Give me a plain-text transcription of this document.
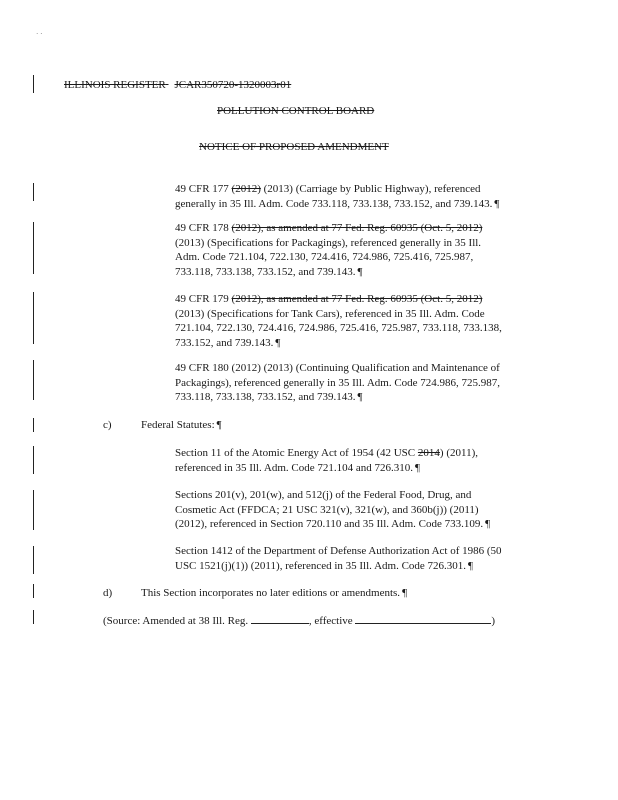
· ·
ILLINOIS REGISTER JCAR350720-1320003r01
POLLUTION CONTROL BOARD
NOTICE OF PROPOSED AMENDMENT
49 CFR 177 (2012) (2013) (Carriage by Public Highway), referenced
generally in 35 Ill. Adm. Code 733.118, 733.138, 733.152, and 739.143. ¶
49 CFR 178 (2012), as amended at 77 Fed. Reg. 60935 (Oct. 5, 2012)
(2013) (Specifications for Packagings), referenced generally in 35 Ill.
Adm. Code 721.104, 722.130, 724.416, 724.986, 725.416, 725.987,
733.118, 733.138, 733.152, and 739.143. ¶
49 CFR 179 (2012), as amended at 77 Fed. Reg. 60935 (Oct. 5, 2012)
(2013) (Specifications for Tank Cars), referenced in 35 Ill. Adm. Code
721.104, 722.130, 724.416, 724.986, 725.416, 725.987, 733.118, 733.138,
733.152, and 739.143. ¶
49 CFR 180 (2012) (2013) (Continuing Qualification and Maintenance of
Packagings), referenced generally in 35 Ill. Adm. Code 724.986, 725.987,
733.118, 733.138, 733.152, and 739.143. ¶
c)	Federal Statutes: ¶
Section 11 of the Atomic Energy Act of 1954 (42 USC 2014) (2011),
referenced in 35 Ill. Adm. Code 721.104 and 726.310. ¶
Sections 201(v), 201(w), and 512(j) of the Federal Food, Drug, and
Cosmetic Act (FFDCA; 21 USC 321(v), 321(w), and 360b(j)) (2011)
(2012), referenced in Section 720.110 and 35 Ill. Adm. Code 733.109. ¶
Section 1412 of the Department of Defense Authorization Act of 1986 (50
USC 1521(j)(1)) (2011), referenced in 35 Ill. Adm. Code 726.301. ¶
d)	This Section incorporates no later editions or amendments. ¶
(Source: Amended at 38 Ill. Reg.	, effective	)
